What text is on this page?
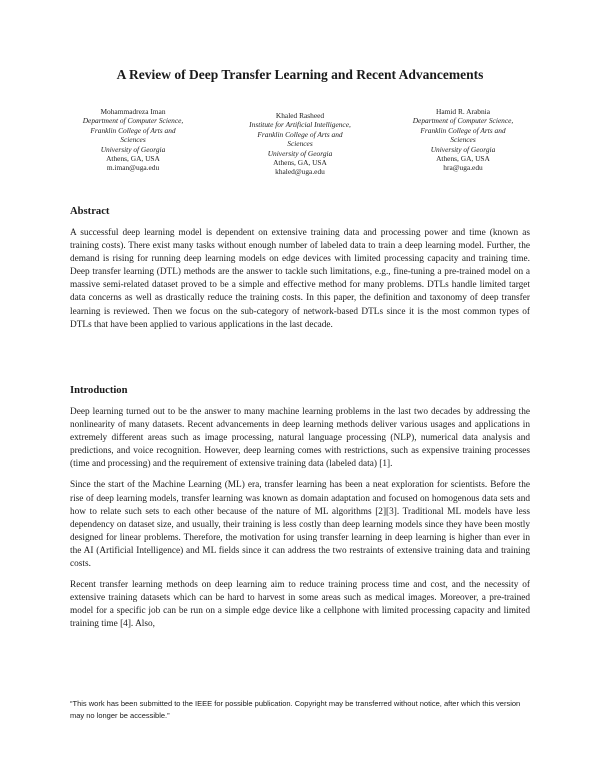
A Review of Deep Transfer Learning and Recent Advancements
Mohammadreza Iman
Department of Computer Science,
Franklin College of Arts and
Sciences
University of Georgia
Athens, GA, USA
m.iman@uga.edu
Khaled Rasheed
Institute for Artificial Intelligence,
Franklin College of Arts and
Sciences
University of Georgia
Athens, GA, USA
khaled@uga.edu
Hamid R. Arabnia
Department of Computer Science,
Franklin College of Arts and
Sciences
University of Georgia
Athens, GA, USA
hra@uga.edu
Abstract

A successful deep learning model is dependent on extensive training data and processing power and time (known as training costs). There exist many tasks without enough number of labeled data to train a deep learning model. Further, the demand is rising for running deep learning models on edge devices with limited processing capacity and training time. Deep transfer learning (DTL) methods are the answer to tackle such limitations, e.g., fine-tuning a pre-trained model on a massive semi-related dataset proved to be a simple and effective method for many problems. DTLs handle limited target data concerns as well as drastically reduce the training costs. In this paper, the definition and taxonomy of deep transfer learning is reviewed. Then we focus on the sub-category of network-based DTLs since it is the most common types of DTLs that have been applied to various applications in the last decade.

Introduction

Deep learning turned out to be the answer to many machine learning problems in the last two decades by addressing the nonlinearity of many datasets. Recent advancements in deep learning methods deliver various usages and applications in extremely different areas such as image processing, natural language processing (NLP), numerical data analysis and predictions, and voice recognition. However, deep learning comes with restrictions, such as expensive training processes (time and processing) and the requirement of extensive training data (labeled data) [1].

Since the start of the Machine Learning (ML) era, transfer learning has been a neat exploration for scientists. Before the rise of deep learning models, transfer learning was known as domain adaptation and focused on homogenous data sets and how to relate such sets to each other because of the nature of ML algorithms [2][3]. Traditional ML models have less dependency on dataset size, and usually, their training is less costly than deep learning models since they have been mostly designed for linear problems. Therefore, the motivation for using transfer learning in deep learning is higher than ever in the AI (Artificial Intelligence) and ML fields since it can address the two restraints of extensive training data and training costs.

Recent transfer learning methods on deep learning aim to reduce training process time and cost, and the necessity of extensive training datasets which can be hard to harvest in some areas such as medical images. Moreover, a pre-trained model for a specific job can be run on a simple edge device like a cellphone with limited processing capacity and limited training time [4]. Also,

“This work has been submitted to the IEEE for possible publication. Copyright may be transferred without notice, after which this version may no longer be accessible.”
